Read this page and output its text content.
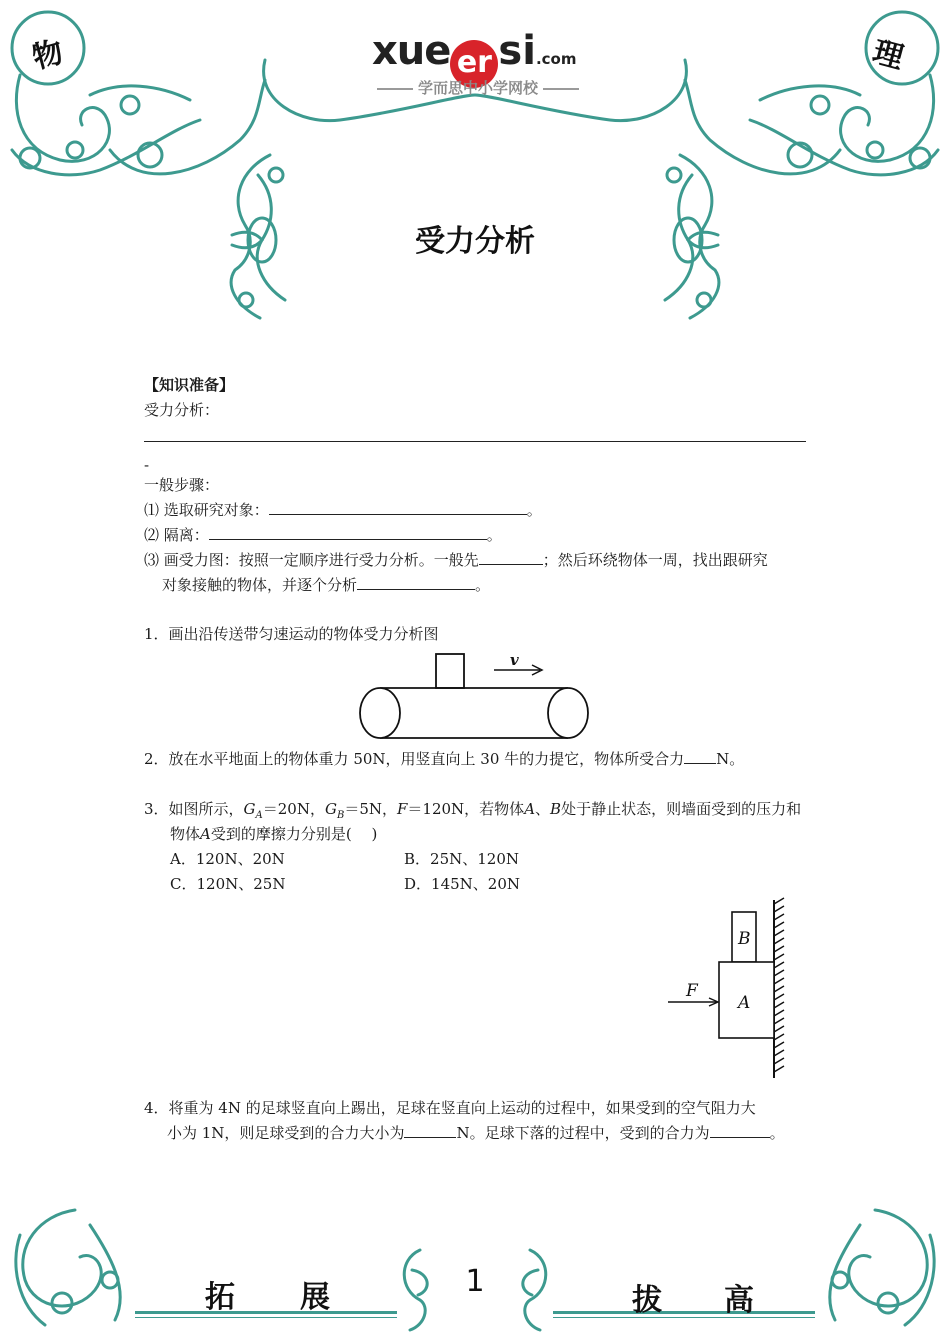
物	理
xue er si.com
学而思中小学网校
受力分析
【知识准备】
受力分析：
-
一般步骤：
⑴ 选取研究对象：	。
⑵ 隔离：	。
⑶ 画受力图：按照一定顺序进行受力分析。一般先	；然后环绕物体一周，找出跟研究
对象接触的物体，并逐个分析	。
1．画出沿传送带匀速运动的物体受力分析图
v
2．放在水平地面上的物体重力 50N，用竖直向上 30 牛的力提它，物体所受合力 N。
3．如图所示，$G_A=20N$，$G_B=5N$，F＝120N，若物体A、B处于静止状态，则墙面受到的压力和
物体A受到的摩擦力分别是(　 )
A．120N、20N	B．25N、120N
C．120N、25N	D．145N、20N
B
A
F
4．将重为 4N 的足球竖直向上踢出，足球在竖直向上运动的过程中，如果受到的空气阻力大
小为 1N，则足球受到的合力大小为	N。足球下落的过程中，受到的合力为	。
拓 展	1
拔 高
